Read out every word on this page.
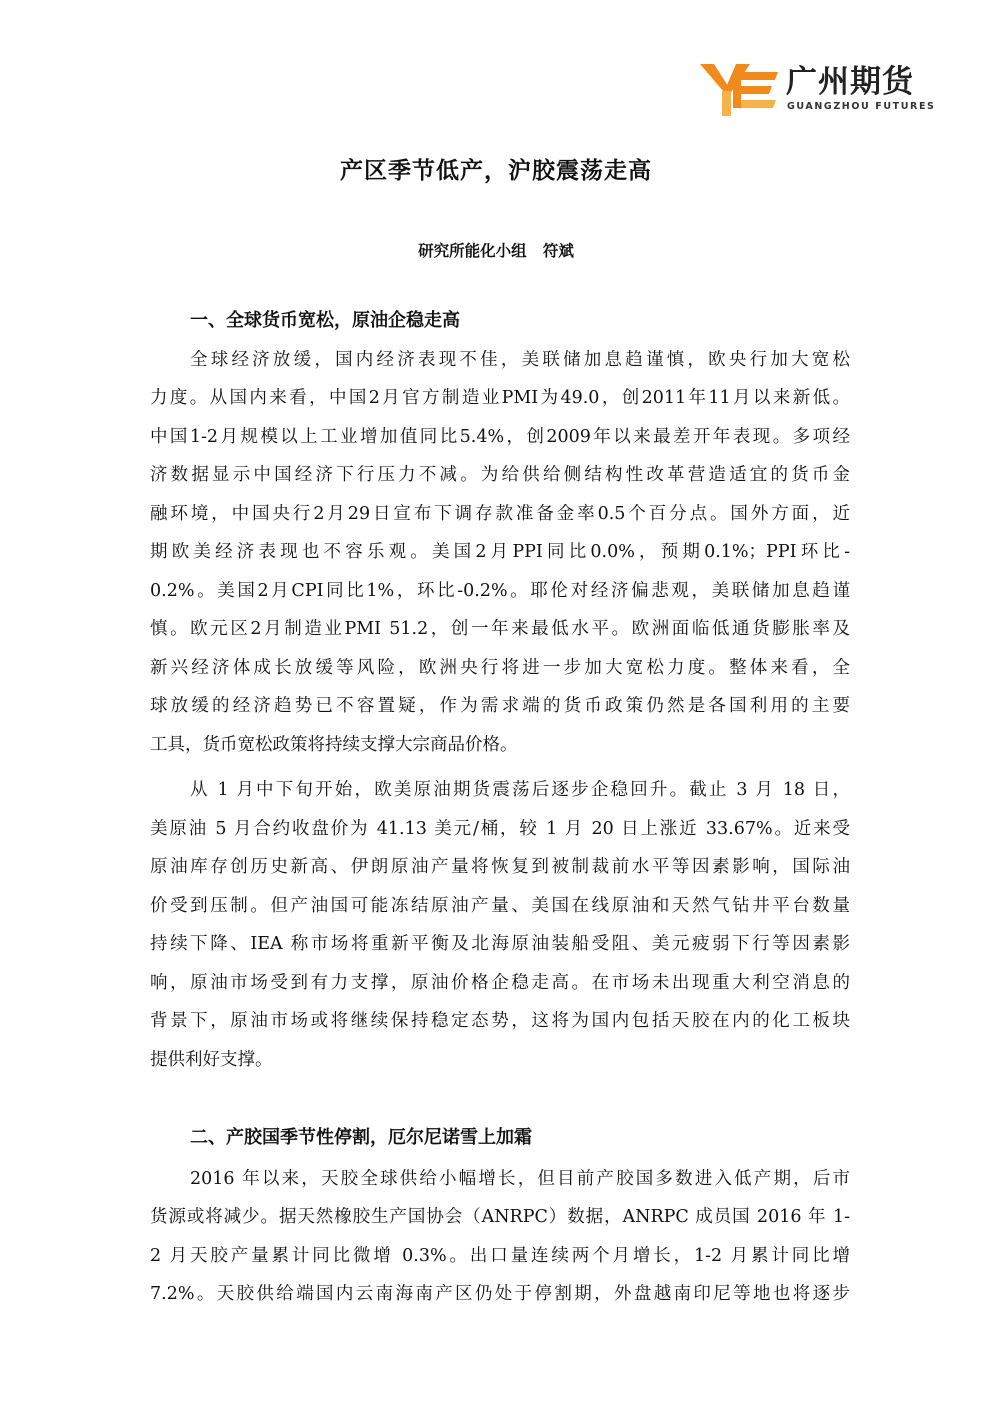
广州期货
GUANGZHOU FUTURES
产区季节低产，沪胶震荡走高
研究所能化小组   符斌
一、全球货币宽松，原油企稳走高
全球经济放缓，国内经济表现不佳，美联储加息趋谨慎，欧央行加大宽松
力度。从国内来看，中国2月官方制造业PMI为49.0，创2011年11月以来新低。
中国1-2月规模以上工业增加值同比5.4%，创2009年以来最差开年表现。多项经
济数据显示中国经济下行压力不减。为给供给侧结构性改革营造适宜的货币金
融环境，中国央行2月29日宣布下调存款准备金率0.5个百分点。国外方面，近
期欧美经济表现也不容乐观。美国2月PPI同比0.0%，预期0.1%；PPI环比-
0.2%。美国2月CPI同比1%，环比-0.2%。耶伦对经济偏悲观，美联储加息趋谨
慎。欧元区2月制造业PMI 51.2，创一年来最低水平。欧洲面临低通货膨胀率及
新兴经济体成长放缓等风险，欧洲央行将进一步加大宽松力度。整体来看，全
球放缓的经济趋势已不容置疑，作为需求端的货币政策仍然是各国利用的主要
工具，货币宽松政策将持续支撑大宗商品价格。
从 1 月中下旬开始，欧美原油期货震荡后逐步企稳回升。截止 3 月 18 日，
美原油 5 月合约收盘价为 41.13 美元/桶，较 1 月 20 日上涨近 33.67%。近来受
原油库存创历史新高、伊朗原油产量将恢复到被制裁前水平等因素影响，国际油
价受到压制。但产油国可能冻结原油产量、美国在线原油和天然气钻井平台数量
持续下降、IEA 称市场将重新平衡及北海原油装船受阻、美元疲弱下行等因素影
响，原油市场受到有力支撑，原油价格企稳走高。在市场未出现重大利空消息的
背景下，原油市场或将继续保持稳定态势，这将为国内包括天胶在内的化工板块
提供利好支撑。
二、产胶国季节性停割，厄尔尼诺雪上加霜
2016 年以来，天胶全球供给小幅增长，但目前产胶国多数进入低产期，后市
货源或将减少。据天然橡胶生产国协会（ANRPC）数据，ANRPC 成员国 2016 年 1-
2 月天胶产量累计同比微增 0.3%。出口量连续两个月增长，1-2 月累计同比增
7.2%。天胶供给端国内云南海南产区仍处于停割期，外盘越南印尼等地也将逐步
